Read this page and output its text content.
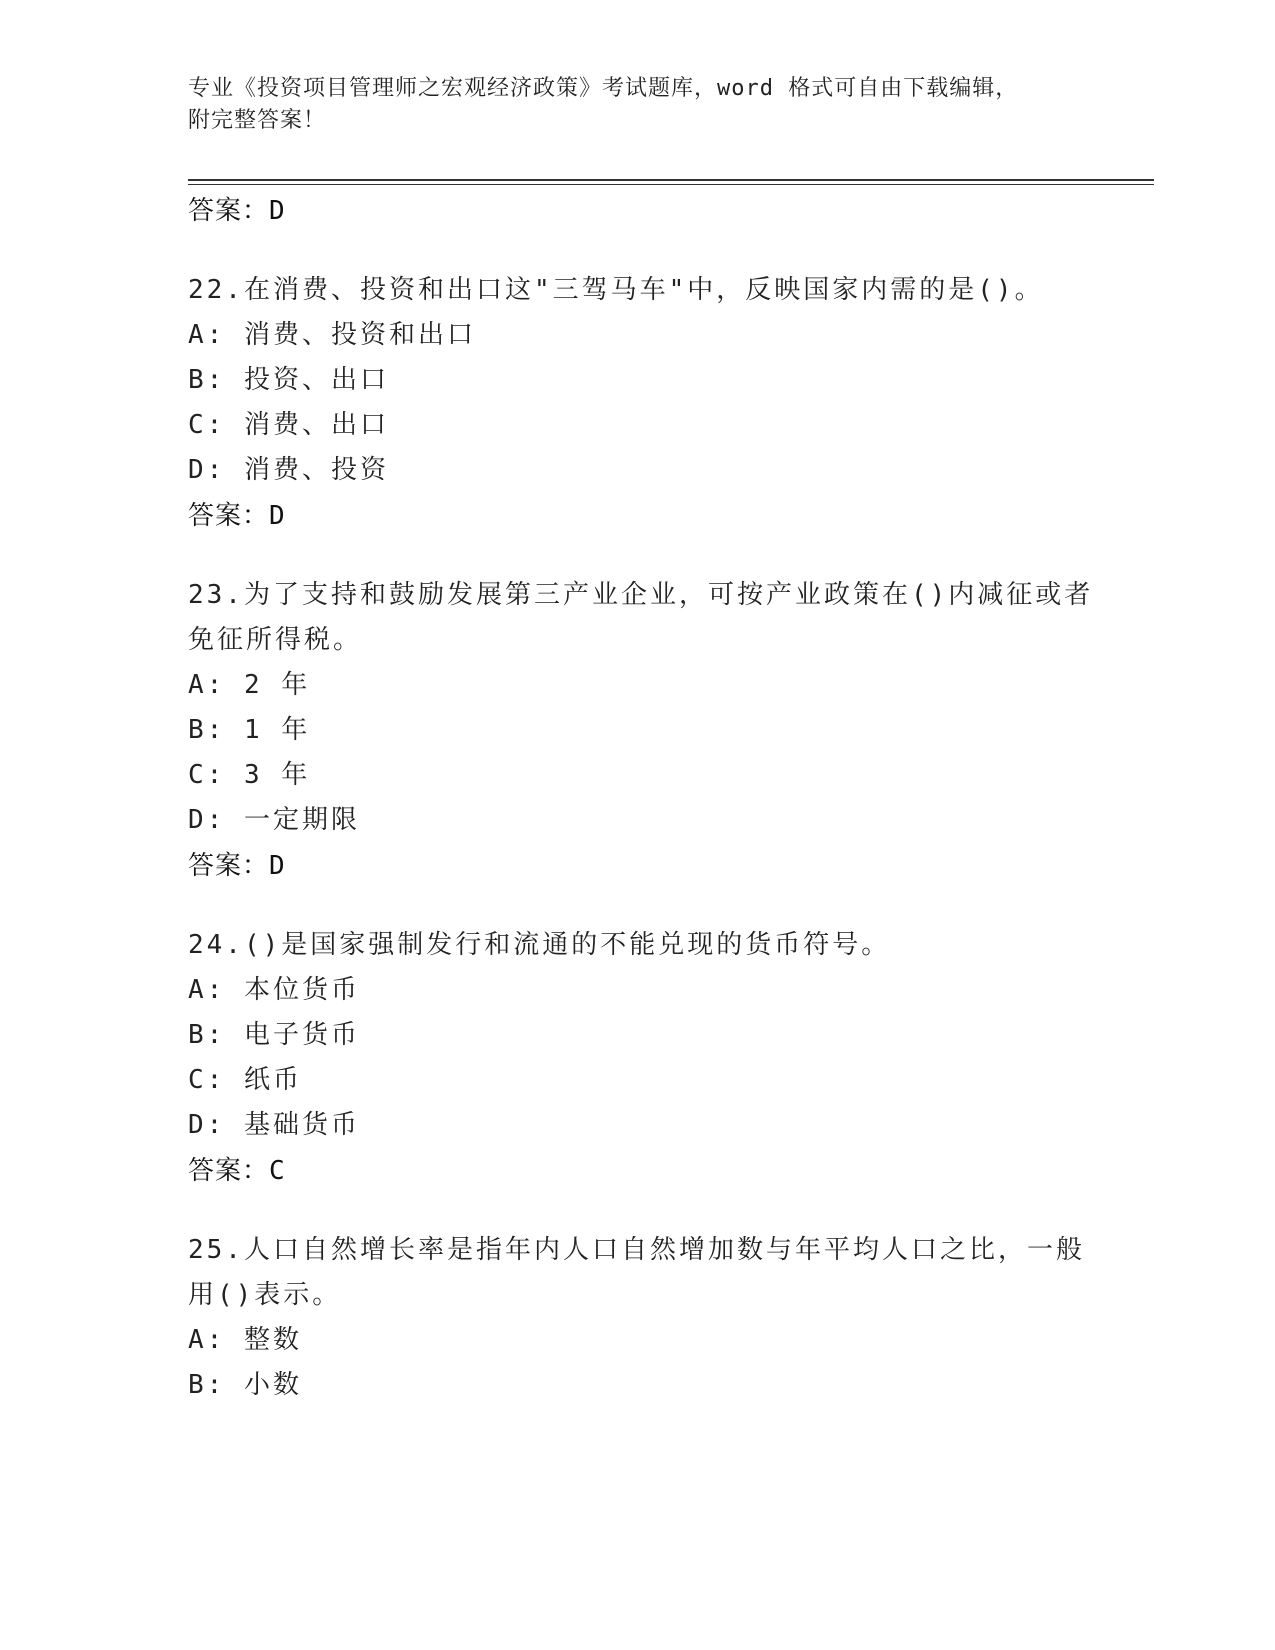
专业《投资项目管理师之宏观经济政策》考试题库，word 格式可自由下载编辑，
附完整答案！
答案：D
22.在消费、投资和出口这"三驾马车"中，反映国家内需的是()。
A: 消费、投资和出口
B: 投资、出口
C: 消费、出口
D: 消费、投资
答案：D
23.为了支持和鼓励发展第三产业企业，可按产业政策在()内减征或者
免征所得税。
A: 2 年
B: 1 年
C: 3 年
D: 一定期限
答案：D
24.()是国家强制发行和流通的不能兑现的货币符号。
A: 本位货币
B: 电子货币
C: 纸币
D: 基础货币
答案：C
25.人口自然增长率是指年内人口自然增加数与年平均人口之比，一般
用()表示。
A: 整数
B: 小数
